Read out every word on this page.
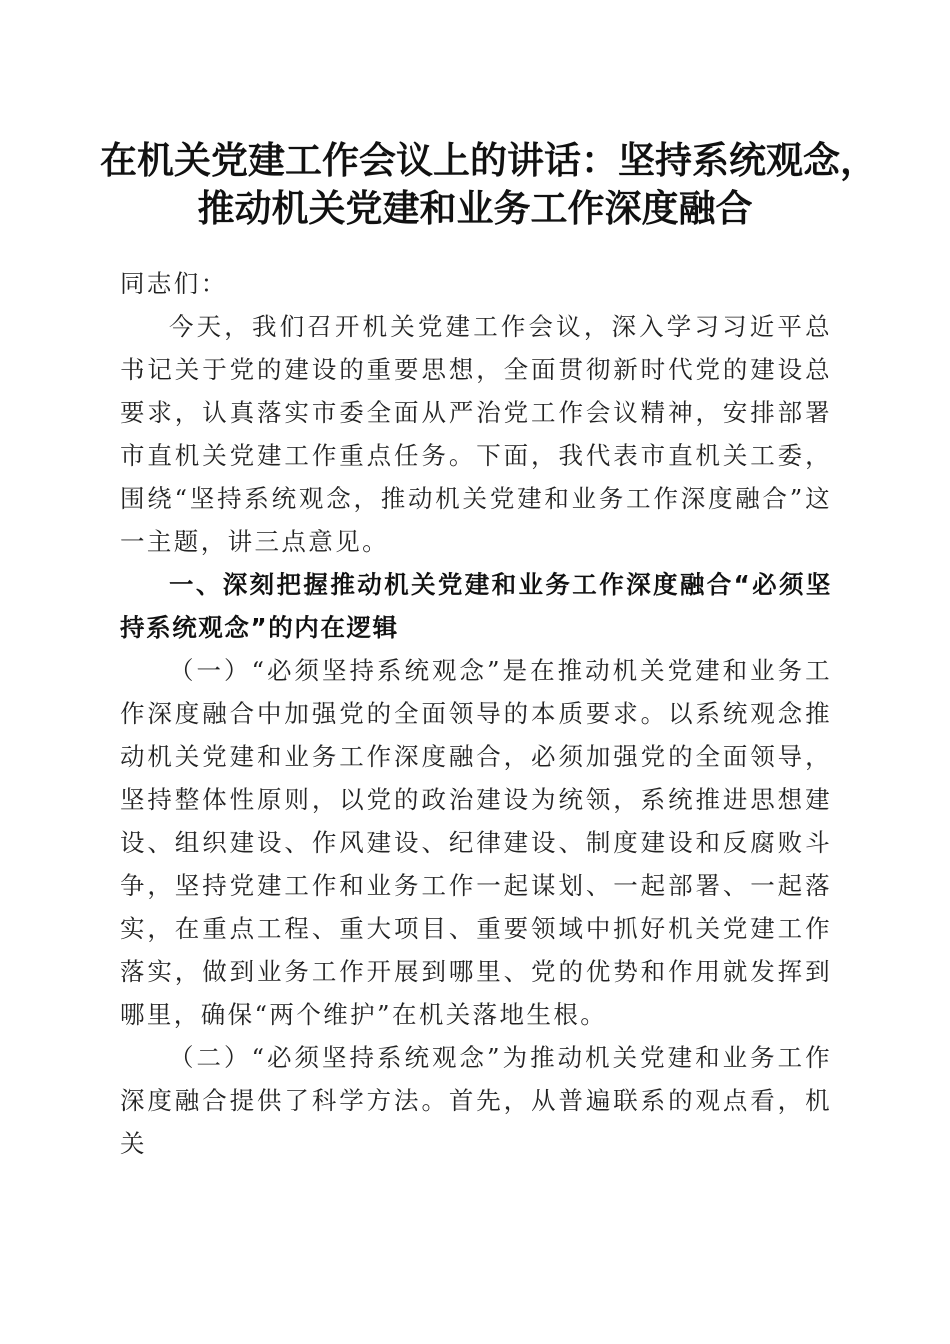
在机关党建工作会议上的讲话：坚持系统观念，
推动机关党建和业务工作深度融合

同志们：

今天，我们召开机关党建工作会议，深入学习习近平总书记关于党的建设的重要思想，全面贯彻新时代党的建设总要求，认真落实市委全面从严治党工作会议精神，安排部署市直机关党建工作重点任务。下面，我代表市直机关工委，围绕“坚持系统观念，推动机关党建和业务工作深度融合”这一主题，讲三点意见。

一、深刻把握推动机关党建和业务工作深度融合“必须坚持系统观念”的内在逻辑

（一）“必须坚持系统观念”是在推动机关党建和业务工作深度融合中加强党的全面领导的本质要求。以系统观念推动机关党建和业务工作深度融合，必须加强党的全面领导，坚持整体性原则，以党的政治建设为统领，系统推进思想建设、组织建设、作风建设、纪律建设、制度建设和反腐败斗争，坚持党建工作和业务工作一起谋划、一起部署、一起落实，在重点工程、重大项目、重要领域中抓好机关党建工作落实，做到业务工作开展到哪里、党的优势和作用就发挥到哪里，确保“两个维护”在机关落地生根。

（二）“必须坚持系统观念”为推动机关党建和业务工作深度融合提供了科学方法。首先，从普遍联系的观点看，机关
